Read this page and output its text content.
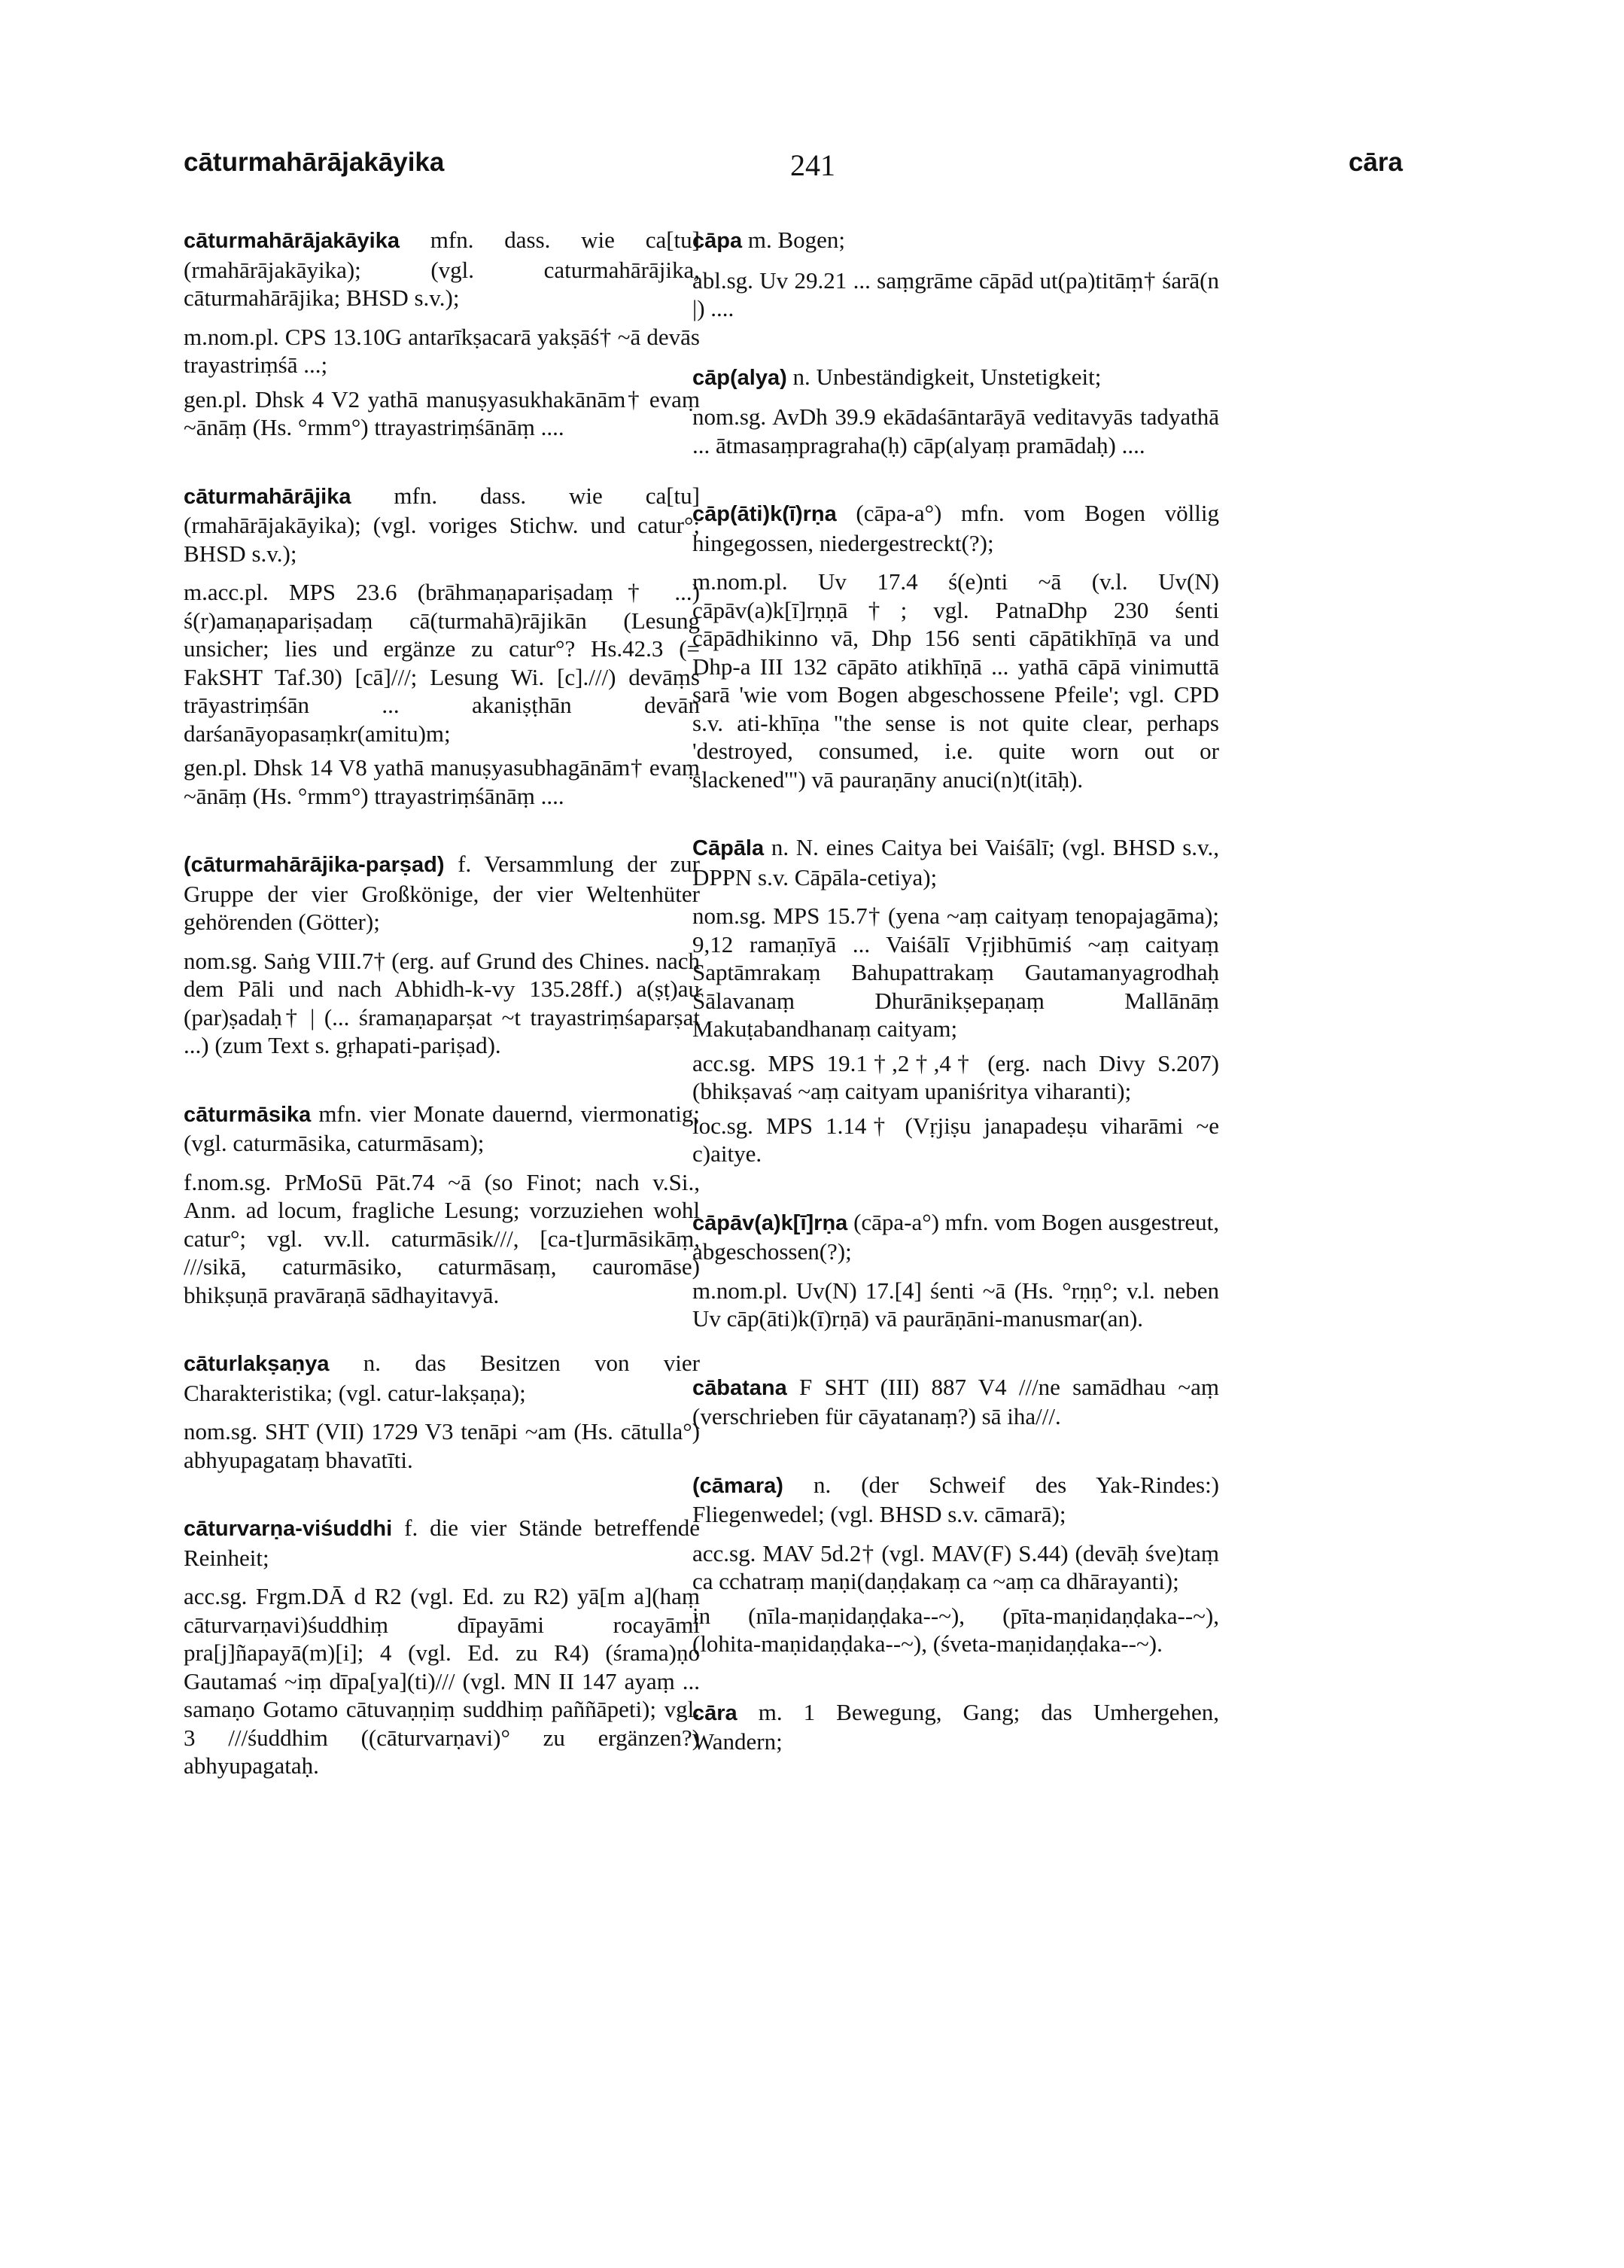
cāturmahārājakāyika	241	cāra

cāturmahārājakāyika mfn. dass. wie ca[tu](rmahārājakāyika); (vgl. caturmahārājika, cāturmahārājika; BHSD s.v.);

m.nom.pl. CPS 13.10G antarīkṣacarā yakṣāś† ~ā devās trayastriṃśā ...;

gen.pl. Dhsk 4 V2 yathā manuṣyasukhakānām† evaṃ ~ānāṃ (Hs. °rmm°) ttrayastriṃśānāṃ ....

cāturmahārājika mfn. dass. wie ca[tu](rmahārājakāyika); (vgl. voriges Stichw. und catur°; BHSD s.v.);

m.acc.pl. MPS 23.6 (brāhmaṇapariṣadaṃ† ...) ś(r)amaṇapariṣadaṃ cā(turmahā)rājikān (Lesung unsicher; lies und ergänze zu catur°? Hs.42.3 (= FakSHT Taf.30) [cā]///; Lesung Wi. [c].///) devāṃs trāyastriṃśān ... akaniṣṭhān devān darśanāyopasaṃkr(amitu)m;

gen.pl. Dhsk 14 V8 yathā manuṣyasubhagānām† evaṃ ~ānāṃ (Hs. °rmm°) ttrayastriṃśānāṃ ....

(cāturmahārājika-parṣad) f. Versammlung der zur Gruppe der vier Großkönige, der vier Weltenhüter gehörenden (Götter);

nom.sg. Saṅg VIII.7† (erg. auf Grund des Chines. nach dem Pāli und nach Abhidh-k-vy 135.28ff.) a(ṣṭ)au (par)ṣadaḥ† | (... śramaṇaparṣat ~t trayastriṃśaparṣat ...) (zum Text s. gṛhapati-pariṣad).

cāturmāsika mfn. vier Monate dauernd, viermonatig; (vgl. caturmāsika, caturmāsam);

f.nom.sg. PrMoSū Pāt.74 ~ā (so Finot; nach v.Si., Anm. ad locum, fragliche Lesung; vorzuziehen wohl catur°; vgl. vv.ll. caturmāsik///, [ca-t]urmāsikāṃ, ///sikā, caturmāsiko, caturmāsaṃ, cauromāse) bhikṣuṇā pravāraṇā sādhayitavyā.

cāturlakṣaṇya n. das Besitzen von vier Charakteristika; (vgl. catur-lakṣaṇa);

nom.sg. SHT (VII) 1729 V3 tenāpi ~am (Hs. cātulla°) abhyupagataṃ bhavatīti.

cāturvarṇa-viśuddhi f. die vier Stände betreffende Reinheit;

acc.sg. Frgm.DĀ d R2 (vgl. Ed. zu R2) yā[m a](haṃ cāturvarṇavi)śuddhiṃ dīpayāmi rocayāmi pra[j]ñapayā(m)[i]; 4 (vgl. Ed. zu R4) (śrama)ṇo Gautamaś ~iṃ dīpa[ya](ti)/// (vgl. MN II 147 ayaṃ ... samaṇo Gotamo cātuvaṇṇiṃ suddhiṃ paññāpeti); vgl. 3 ///śuddhim ((cāturvarṇavi)° zu ergänzen?) abhyupagataḥ.

cāpa m. Bogen;

abl.sg. Uv 29.21 ... saṃgrāme cāpād ut(pa)titāṃ† śarā(n |) ....

cāp(alya) n. Unbeständigkeit, Unstetigkeit;

nom.sg. AvDh 39.9 ekādaśāntarāyā veditavyās tadyathā ... ātmasaṃpragraha(ḥ) cāp(alyaṃ pramādaḥ) ....

cāp(āti)k(ī)rṇa (cāpa-a°) mfn. vom Bogen völlig hingegossen, niedergestreckt(?);

m.nom.pl. Uv 17.4 ś(e)nti ~ā (v.l. Uv(N) cāpāv(a)k[ī]rṇṇā†; vgl. PatnaDhp 230 śenti cāpādhikinno vā, Dhp 156 senti cāpātikhīṇā va und Dhp-a III 132 cāpāto atikhīṇā ... yathā cāpā vinimuttā sarā 'wie vom Bogen abgeschossene Pfeile'; vgl. CPD s.v. ati-khīṇa "the sense is not quite clear, perhaps 'destroyed, consumed, i.e. quite worn out or slackened'") vā pauraṇāny anuci(n)t(itāḥ).

Cāpāla n. N. eines Caitya bei Vaiśālī; (vgl. BHSD s.v., DPPN s.v. Cāpāla-cetiya);

nom.sg. MPS 15.7† (yena ~aṃ caityaṃ tenopajagāma); 9,12 ramaṇīyā ... Vaiśālī Vṛjibhūmiś ~aṃ caityaṃ Saptāmrakaṃ Bahupattrakaṃ Gautamanyagrodhaḥ Śālavanaṃ Dhurānikṣepaṇaṃ Mallānāṃ Makuṭabandhanaṃ caityam;

acc.sg. MPS 19.1†,2†,4† (erg. nach Divy S.207) (bhikṣavaś ~aṃ caityam upaniśritya viharanti);

loc.sg. MPS 1.14† (Vṛjiṣu janapadeṣu viharāmi ~e c)aitye.

cāpāv(a)k[ī]rṇa (cāpa-a°) mfn. vom Bogen ausgestreut, abgeschossen(?);

m.nom.pl. Uv(N) 17.[4] śenti ~ā (Hs. °rṇṇ°; v.l. neben Uv cāp(āti)k(ī)rṇā) vā paurāṇāni-manusmar(an).

cābatana F SHT (III) 887 V4 ///ne samādhau ~aṃ (verschrieben für cāyatanaṃ?) sā iha///.

(cāmara) n. (der Schweif des Yak-Rindes:) Fliegenwedel; (vgl. BHSD s.v. cāmarā);

acc.sg. MAV 5d.2† (vgl. MAV(F) S.44) (devāḥ śve)taṃ ca cchatraṃ maṇi(daṇḍakaṃ ca ~aṃ ca dhārayanti);

in (nīla-maṇidaṇḍaka--~), (pīta-maṇidaṇḍaka--~), (lohita-maṇidaṇḍaka--~), (śveta-maṇidaṇḍaka--~).

cāra m. 1 Bewegung, Gang; das Umhergehen, Wandern;
